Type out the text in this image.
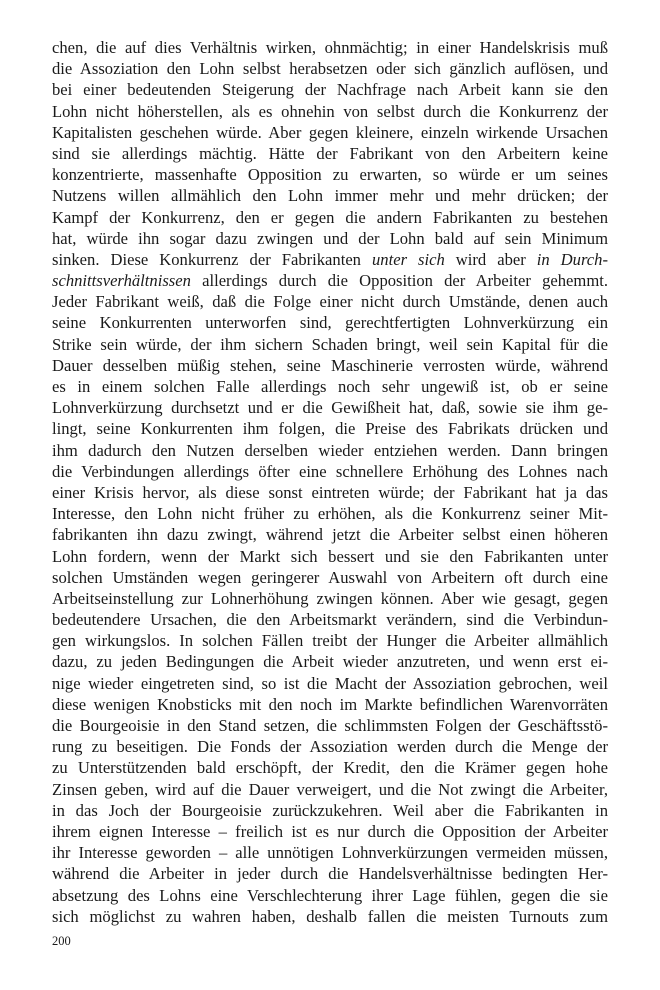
chen, die auf dies Verhältnis wirken, ohnmächtig; in einer Handelskrisis muß
die Assoziation den Lohn selbst herabsetzen oder sich gänzlich auflösen, und
bei einer bedeutenden Steigerung der Nachfrage nach Arbeit kann sie den
Lohn nicht höherstellen, als es ohnehin von selbst durch die Konkurrenz der
Kapitalisten geschehen würde. Aber gegen kleinere, einzeln wirkende Ursachen
sind sie allerdings mächtig. Hätte der Fabrikant von den Arbeitern keine
konzentrierte, massenhafte Opposition zu erwarten, so würde er um seines
Nutzens willen allmählich den Lohn immer mehr und mehr drücken; der
Kampf der Konkurrenz, den er gegen die andern Fabrikanten zu bestehen
hat, würde ihn sogar dazu zwingen und der Lohn bald auf sein Minimum
sinken. Diese Konkurrenz der Fabrikanten unter sich wird aber in Durch-
schnittsverhältnissen allerdings durch die Opposition der Arbeiter gehemmt.
Jeder Fabrikant weiß, daß die Folge einer nicht durch Umstände, denen auch
seine Konkurrenten unterworfen sind, gerechtfertigten Lohnverkürzung ein
Strike sein würde, der ihm sichern Schaden bringt, weil sein Kapital für die
Dauer desselben müßig stehen, seine Maschinerie verrosten würde, während
es in einem solchen Falle allerdings noch sehr ungewiß ist, ob er seine
Lohnverkürzung durchsetzt und er die Gewißheit hat, daß, sowie sie ihm ge-
lingt, seine Konkurrenten ihm folgen, die Preise des Fabrikats drücken und
ihm dadurch den Nutzen derselben wieder entziehen werden. Dann bringen
die Verbindungen allerdings öfter eine schnellere Erhöhung des Lohnes nach
einer Krisis hervor, als diese sonst eintreten würde; der Fabrikant hat ja das
Interesse, den Lohn nicht früher zu erhöhen, als die Konkurrenz seiner Mit-
fabrikanten ihn dazu zwingt, während jetzt die Arbeiter selbst einen höheren
Lohn fordern, wenn der Markt sich bessert und sie den Fabrikanten unter
solchen Umständen wegen geringerer Auswahl von Arbeitern oft durch eine
Arbeitseinstellung zur Lohnerhöhung zwingen können. Aber wie gesagt, gegen
bedeutendere Ursachen, die den Arbeitsmarkt verändern, sind die Verbindun-
gen wirkungslos. In solchen Fällen treibt der Hunger die Arbeiter allmählich
dazu, zu jeden Bedingungen die Arbeit wieder anzutreten, und wenn erst ei-
nige wieder eingetreten sind, so ist die Macht der Assoziation gebrochen, weil
diese wenigen Knobsticks mit den noch im Markte befindlichen Warenvorräten
die Bourgeoisie in den Stand setzen, die schlimmsten Folgen der Geschäftsstö-
rung zu beseitigen. Die Fonds der Assoziation werden durch die Menge der
zu Unterstützenden bald erschöpft, der Kredit, den die Krämer gegen hohe
Zinsen geben, wird auf die Dauer verweigert, und die Not zwingt die Arbeiter,
in das Joch der Bourgeoisie zurückzukehren. Weil aber die Fabrikanten in
ihrem eignen Interesse – freilich ist es nur durch die Opposition der Arbeiter
ihr Interesse geworden – alle unnötigen Lohnverkürzungen vermeiden müssen,
während die Arbeiter in jeder durch die Handelsverhältnisse bedingten Her-
absetzung des Lohns eine Verschlechterung ihrer Lage fühlen, gegen die sie
sich möglichst zu wahren haben, deshalb fallen die meisten Turnouts zum
200
